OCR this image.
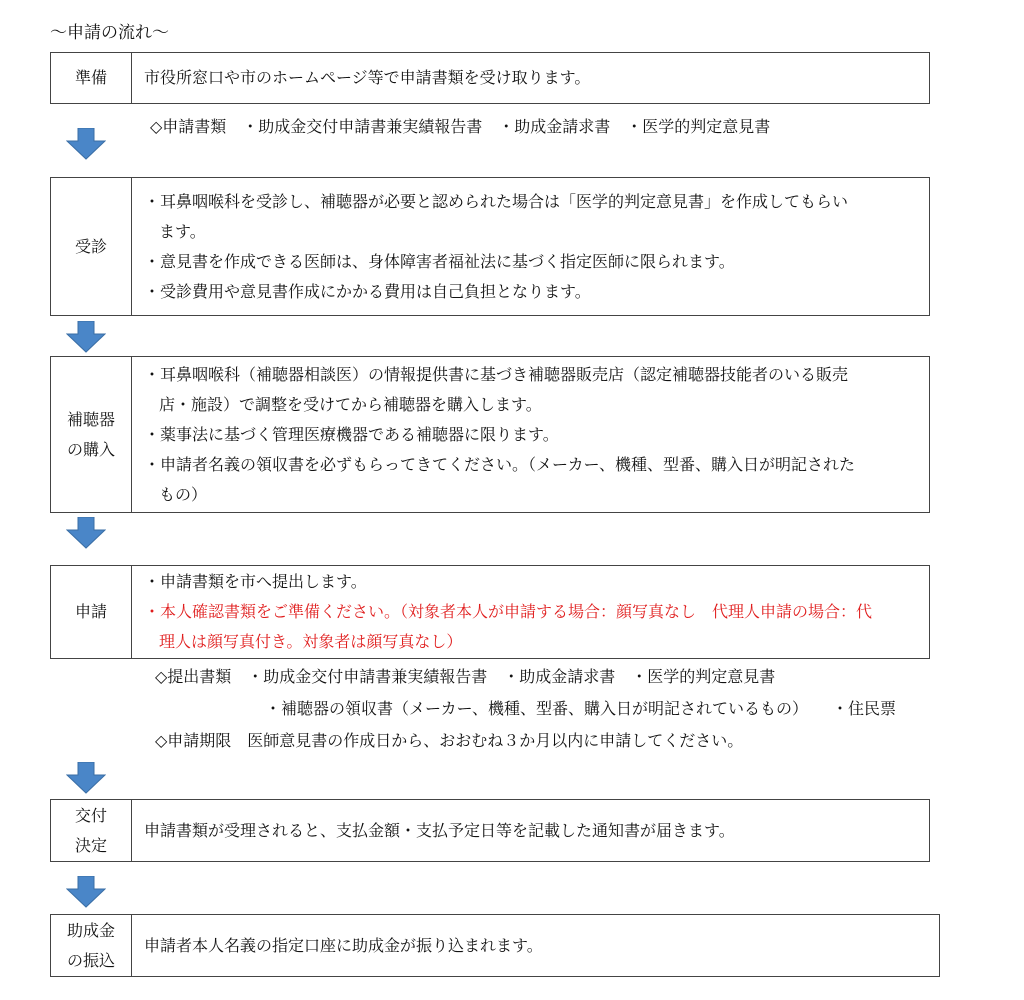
～申請の流れ～
準備	市役所窓口や市のホームページ等で申請書類を受け取ります。
◇申請書類　・助成金交付申請書兼実績報告書　・助成金請求書　・医学的判定意見書
受診
・耳鼻咽喉科を受診し、補聴器が必要と認められた場合は「医学的判定意見書」を作成してもらい
ます。
・意見書を作成できる医師は、身体障害者福祉法に基づく指定医師に限られます。
・受診費用や意見書作成にかかる費用は自己負担となります。
補聴器
の購入
・耳鼻咽喉科（補聴器相談医）の情報提供書に基づき補聴器販売店（認定補聴器技能者のいる販売
店・施設）で調整を受けてから補聴器を購入します。
・薬事法に基づく管理医療機器である補聴器に限ります。
・申請者名義の領収書を必ずもらってきてください。（メーカー、機種、型番、購入日が明記された
もの）
申請
・申請書類を市へ提出します。
・本人確認書類をご準備ください。（対象者本人が申請する場合：顔写真なし　代理人申請の場合：代
理人は顔写真付き。対象者は顔写真なし）
◇提出書類　・助成金交付申請書兼実績報告書　・助成金請求書　・医学的判定意見書
・補聴器の領収書（メーカー、機種、型番、購入日が明記されているもの）　　・住民票
◇申請期限　医師意見書の作成日から、おおむね３か月以内に申請してください。
交付
決定
申請書類が受理されると、支払金額・支払予定日等を記載した通知書が届きます。
助成金
の振込
申請者本人名義の指定口座に助成金が振り込まれます。
